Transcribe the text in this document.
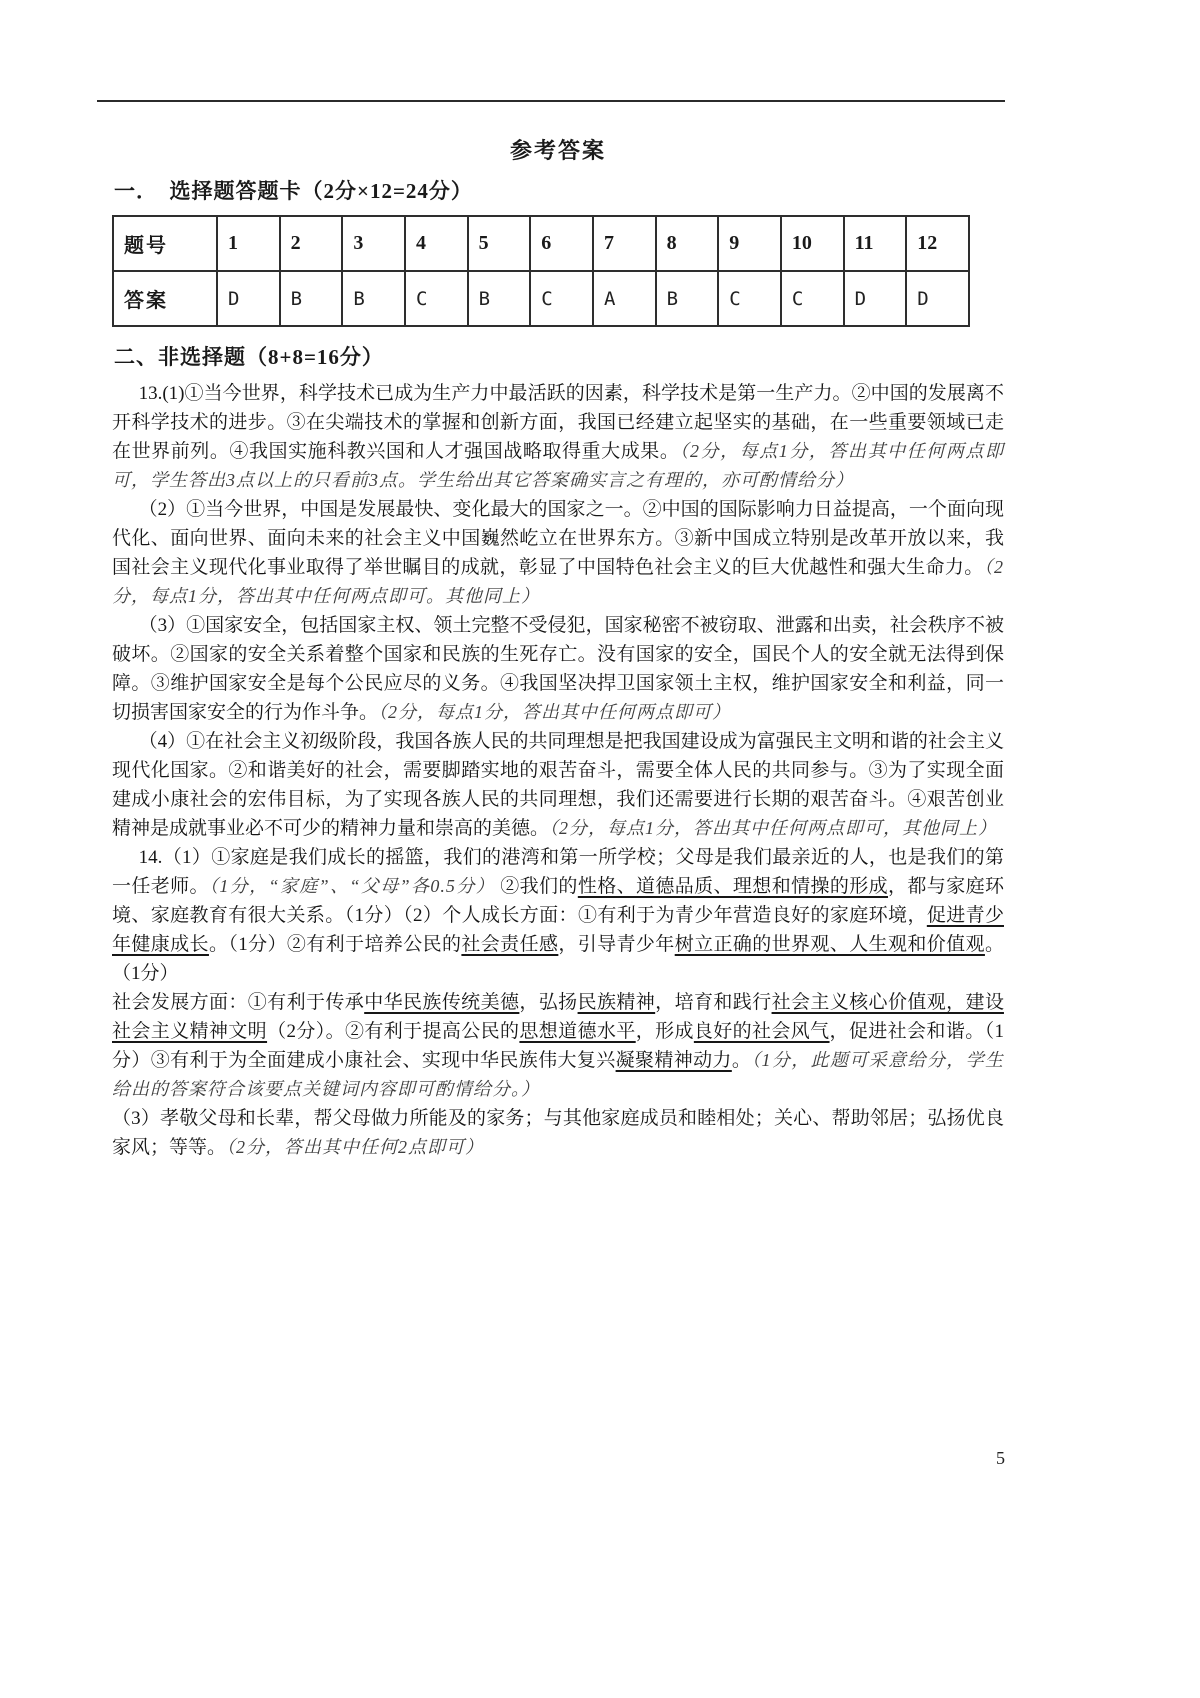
参考答案
一．　选择题答题卡（2分×12=24分）
题号	1	2	3	4	5	6	7	8	9	10	11	12
答案	D	B	B	C	B	C	A	B	C	C	D	D
二、非选择题（8+8=16分）

13.(1)①当今世界，科学技术已成为生产力中最活跃的因素，科学技术是第一生产力。②中国的发展离不开科学技术的进步。③在尖端技术的掌握和创新方面，我国已经建立起坚实的基础，在一些重要领域已走在世界前列。④我国实施科教兴国和人才强国战略取得重大成果。（2分，每点1分，答出其中任何两点即可，学生答出3点以上的只看前3点。学生给出其它答案确实言之有理的，亦可酌情给分）

（2）①当今世界，中国是发展最快、变化最大的国家之一。②中国的国际影响力日益提高，一个面向现代化、面向世界、面向未来的社会主义中国巍然屹立在世界东方。③新中国成立特别是改革开放以来，我国社会主义现代化事业取得了举世瞩目的成就，彰显了中国特色社会主义的巨大优越性和强大生命力。（2分，每点1分，答出其中任何两点即可。其他同上）

（3）①国家安全，包括国家主权、领土完整不受侵犯，国家秘密不被窃取、泄露和出卖，社会秩序不被破坏。②国家的安全关系着整个国家和民族的生死存亡。没有国家的安全，国民个人的安全就无法得到保障。③维护国家安全是每个公民应尽的义务。④我国坚决捍卫国家领土主权，维护国家安全和利益，同一切损害国家安全的行为作斗争。（2分，每点1分，答出其中任何两点即可）

（4）①在社会主义初级阶段，我国各族人民的共同理想是把我国建设成为富强民主文明和谐的社会主义现代化国家。②和谐美好的社会，需要脚踏实地的艰苦奋斗，需要全体人民的共同参与。③为了实现全面建成小康社会的宏伟目标，为了实现各族人民的共同理想，我们还需要进行长期的艰苦奋斗。④艰苦创业精神是成就事业必不可少的精神力量和崇高的美德。（2分，每点1分，答出其中任何两点即可，其他同上）

14.（1）①家庭是我们成长的摇篮，我们的港湾和第一所学校；父母是我们最亲近的人，也是我们的第一任老师。（1分，“家庭”、“父母”各0.5分） ②我们的性格、道德品质、理想和情操的形成，都与家庭环境、家庭教育有很大关系。（1分）（2）个人成长方面：①有利于为青少年营造良好的家庭环境，促进青少年健康成长。（1分）②有利于培养公民的社会责任感，引导青少年树立正确的世界观、人生观和价值观。（1分）

社会发展方面：①有利于传承中华民族传统美德，弘扬民族精神，培育和践行社会主义核心价值观，建设社会主义精神文明（2分）。②有利于提高公民的思想道德水平，形成良好的社会风气，促进社会和谐。（1分）③有利于为全面建成小康社会、实现中华民族伟大复兴凝聚精神动力。（1分，此题可采意给分，学生给出的答案符合该要点关键词内容即可酌情给分。）

（3）孝敬父母和长辈，帮父母做力所能及的家务；与其他家庭成员和睦相处；关心、帮助邻居；弘扬优良家风；等等。（2分，答出其中任何2点即可）

5
